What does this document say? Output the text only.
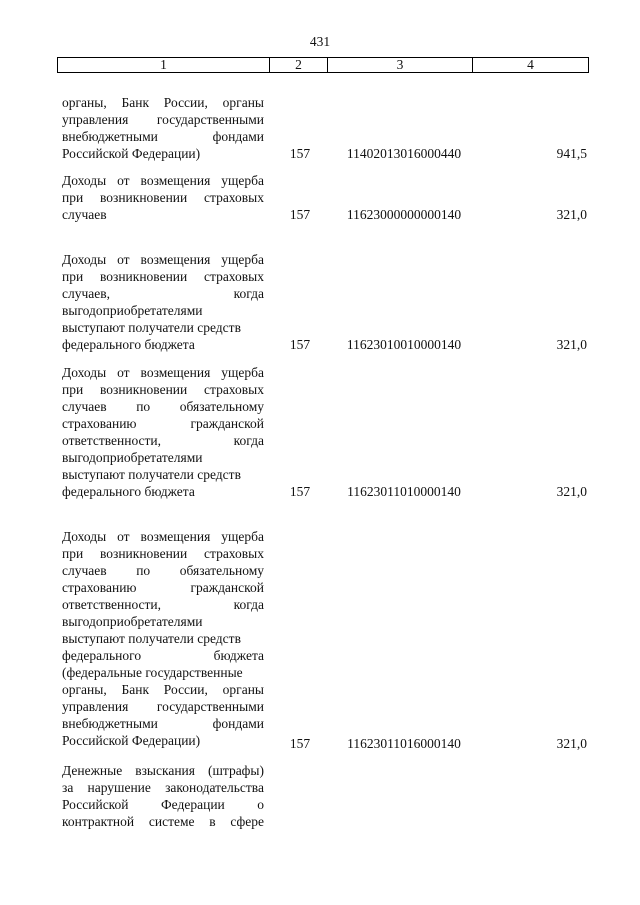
431
1	2	3	4
органы, Банк России, органы
управления государственными
внебюджетными фондами
Российской Федерации)	157	11402013016000440	941,5
Доходы от возмещения ущерба
при возникновении страховых
случаев	157	11623000000000140	321,0
Доходы от возмещения ущерба
при возникновении страховых
случаев, когда
выгодоприобретателями
выступают получатели средств
федерального бюджета	157	11623010010000140	321,0
Доходы от возмещения ущерба
при возникновении страховых
случаев по обязательному
страхованию гражданской
ответственности, когда
выгодоприобретателями
выступают получатели средств
федерального бюджета	157	11623011010000140	321,0
Доходы от возмещения ущерба
при возникновении страховых
случаев по обязательному
страхованию гражданской
ответственности, когда
выгодоприобретателями
выступают получатели средств
федерального бюджета
(федеральные государственные
органы, Банк России, органы
управления государственными
внебюджетными фондами
Российской Федерации)	157	11623011016000140	321,0
Денежные взыскания (штрафы)
за нарушение законодательства
Российской Федерации о
контрактной системе в сфере
